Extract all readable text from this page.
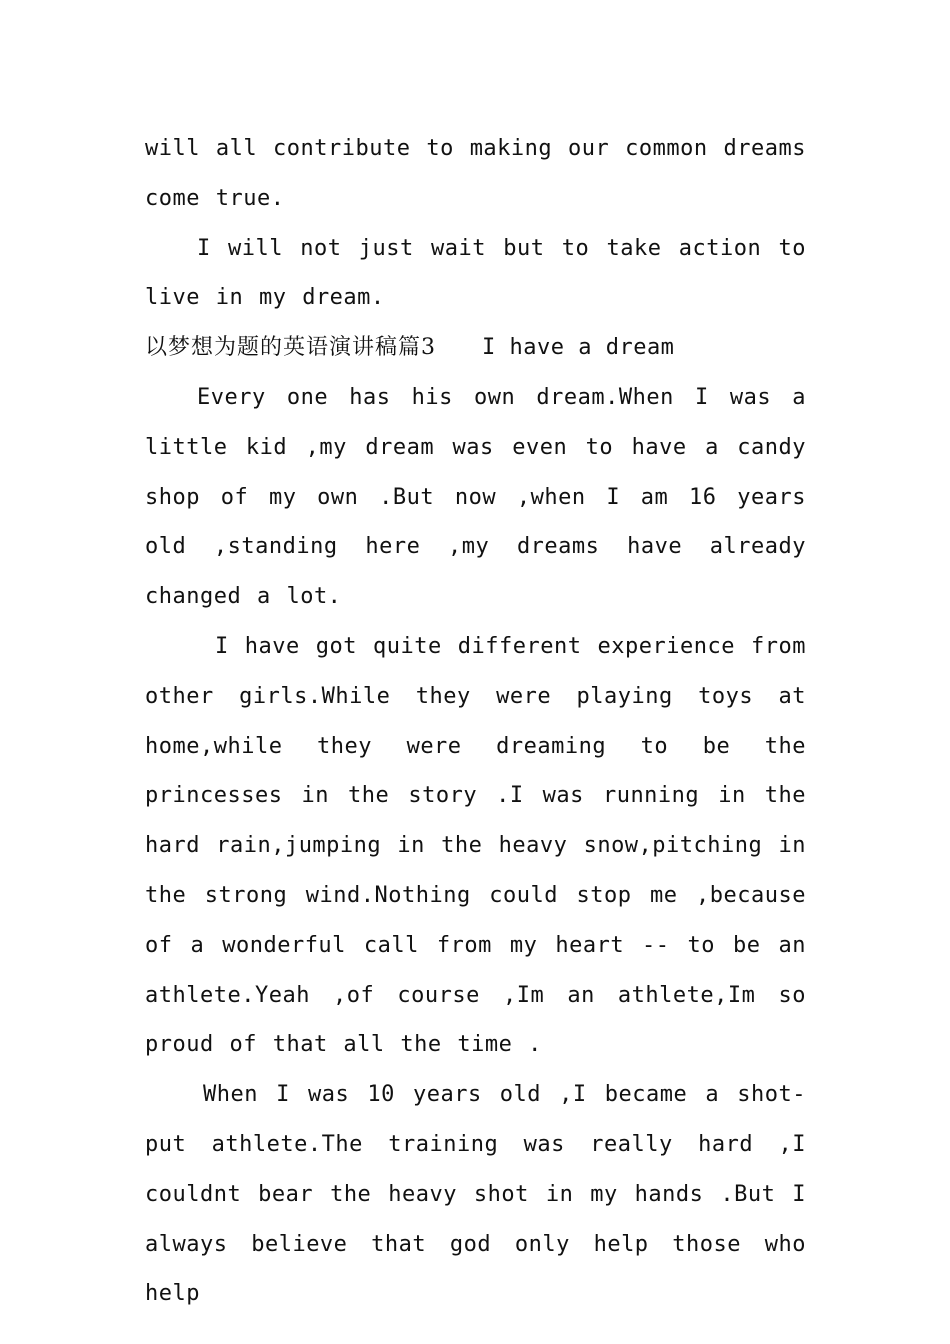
will all contribute to making our common dreams come true.

I will not just wait but to take action to live in my dream.

以梦想为题的英语演讲稿篇3 I have a dream

Every one has his own dream.When I was a little kid ,my dream was even to have a candy shop of my own .But now ,when I am 16 years old ,standing here ,my dreams have already changed a lot.

I have got quite different experience from other girls.While they were playing toys at home,while they were dreaming to be the princesses in the story .I was running in the hard rain,jumping in the heavy snow,pitching in the strong wind.Nothing could stop me ,because of a wonderful call from my heart -- to be an athlete.Yeah ,of course ,Im an athlete,Im so proud of that all the time .

When I was 10 years old ,I became a shot-put athlete.The training was really hard ,I couldnt bear the heavy shot in my hands .But I always believe that god only help those who help
